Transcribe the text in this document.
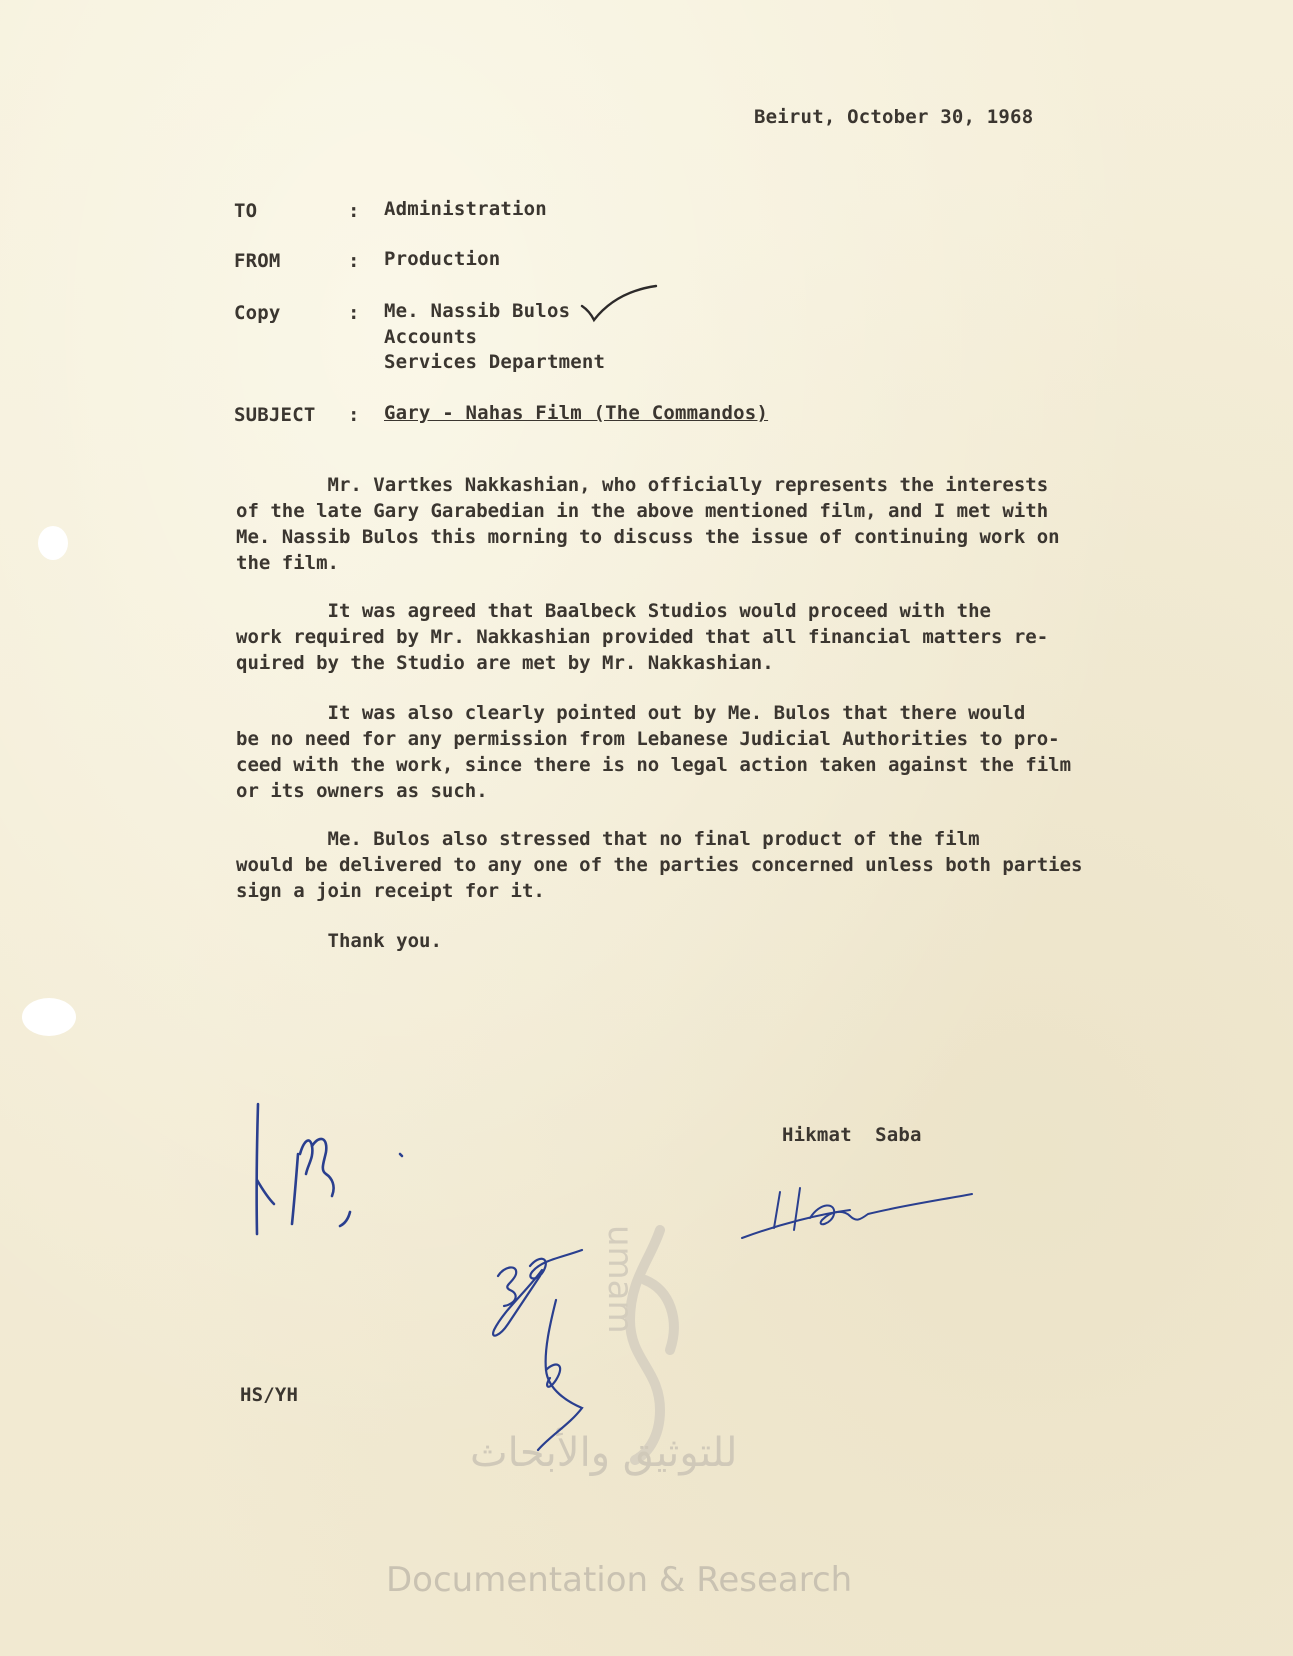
umam
للتوثيق والأبحاث
Documentation & Research
Beirut, October 30, 1968
TO	: Administration
FROM	: Production
Copy	: Me. Nassib Bulos
Accounts
Services Department
SUBJECT : Gary - Nahas Film (The Commandos)
Mr. Vartkes Nakkashian, who officially represents the interests
of the late Gary Garabedian in the above mentioned film, and I met with
Me. Nassib Bulos this morning to discuss the issue of continuing work on
the film.
It was agreed that Baalbeck Studios would proceed with the
work required by Mr. Nakkashian provided that all financial matters re-
quired by the Studio are met by Mr. Nakkashian.
It was also clearly pointed out by Me. Bulos that there would
be no need for any permission from Lebanese Judicial Authorities to pro-
ceed with the work, since there is no legal action taken against the film
or its owners as such.
Me. Bulos also stressed that no final product of the film
would be delivered to any one of the parties concerned unless both parties
sign a join receipt for it.
Thank you.
Hikmat  Saba
HS/YH
